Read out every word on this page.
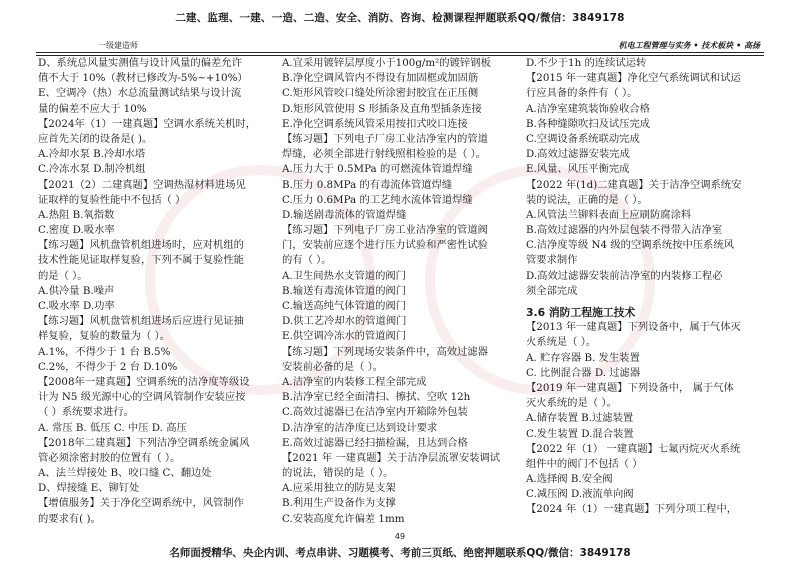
二建、监理、一建、一造、二造、安全、消防、咨询、检测课程押题联系QQ/微信：3849178
一级建造师	机电工程管理与实务 • 技术板块 • 高扬
D、系统总风量实测值与设计风量的偏差允许
值不大于 10%（教材已修改为-5%~+10%）
E、空调冷（热）水总流量测试结果与设计流
量的偏差不应大于 10%
【2024年（1）一建真题】空调水系统关机时，
应首先关闭的设备是( )。
A.冷却水泵 B.冷却水塔
C.冷冻水泵 D.制冷机组
【2021（2）二建真题】空调热湿材料进场见
证取样的复验性能中不包括（ ）
A.热阻 B.氧指数
C.密度 D.吸水率
【练习题】风机盘管机组进场时，应对机组的
技术性能见证取样复验，下列不属于复验性能
的是（ ）。
A.供冷量 B.噪声
C.吸水率 D.功率
【练习题】风机盘管机组进场后应进行见证抽
样复验，复验的数量为（ ）。
A.1%，不得少于 1 台 B.5%
C.2%，不得少于 2 台 D.10%
【2008年一建真题】空调系统的洁净度等级设
计为 N5 级光源中心的空调风管制作安装应按
（ ）系统要求进行。
A. 常压 B. 低压 C. 中压 D. 高压
【2018年二建真题】下列洁净空调系统金属风
管必须涂密封胶的位置有（ ）。
A、法兰焊接处 B、咬口缝 C、翻边处
D、焊接缝 E、铆钉处
【增值服务】关于净化空调系统中，风管制作
的要求有( )。
A.宜采用镀锌层厚度小于100g/m²的镀锌钢板
B.净化空调风管内不得设有加固框或加固筋
C.矩形风管咬口缝处所涂密封胶宜在正压侧
D.矩形风管使用 S 形插条及直角型插条连接
E.净化空调系统风管采用按扣式咬口连接
【练习题】下列电子厂房工业洁净室内的管道
焊缝，必须全部进行射线照相检验的是（ ）。
A.压力大于 0.5MPa 的可燃流体管道焊缝
B.压力 0.8MPa 的有毒流体管道焊缝
C.压力 0.6MPa 的工艺纯水流体管道焊缝
D.输送剧毒流体的管道焊缝
【练习题】下列电子厂房工业洁净室的管道阀
门，安装前应逐个进行压力试验和严密性试验
的有（ ）。
A.卫生间热水支管道的阀门
B.输送有毒流体管道的阀门
C.输送高纯气体管道的阀门
D.供工艺冷却水的管道阀门
E.供空调冷冻水的管道阀门
【练习题】下列现场安装条件中，高效过滤器
安装前必备的是（ ）。
A.洁净室的内装修工程全部完成
B.洁净室已经全面清扫、擦拭、空吹 12h
C.高效过滤器已在洁净室内开箱除外包装
D.洁净室的洁净度已达到设计要求
E.高效过滤器已经扫描检漏，且达到合格
【2021 年 一建真题】关于洁净层流罩安装调试
的说法，错误的是（ ）。
A.应采用独立的防晃支架
B.利用生产设备作为支撑
C.安装高度允许偏差 1mm
D.不少于1h 的连续试运转
【2015 年一建真题】净化空气系统调试和试运
行应具备的条件有（ ）。
A.洁净室建筑装饰验收合格
B.各种缝隙吹扫及试压完成
C.空调设备系统联动完成
D.高效过滤器安装完成
E.风量、风压平衡完成
【2022 年(1d)二建真题】关于洁净空调系统安
装的说法，正确的是（ ）。
A.风管法兰铆料表面上应刷防腐涂料
B.高效过滤器的内外层包装不得带入洁净室
C.洁净度等级 N4 级的空调系统按中压系统风
管要求制作
D.高效过滤器安装前洁净室的内装修工程必
须全部完成
3.6 消防工程施工技术
【2013 年一建真题】下列设备中，属于气体灭
火系统是（ ）。
A. 贮存容器 B. 发生装置
C. 比例混合器 D. 过滤器
【2019 年一建真题】下列设备中， 属于气体
灭火系统的是（ ）。
A.储存装置 B.过滤装置
C.发生装置 D.混合装置
【2022 年（1） 一建真题】七氟丙烷灭火系统
组件中的阀门不包括（ ）
A.选择阀 B.安全阀
C.减压阀 D.液流单向阀
【2024 年（1）一建真题】下列分项工程中，
49
名师面授精华、央企内训、考点串讲、习题模考、考前三页纸、绝密押题联系QQ/微信：3849178
